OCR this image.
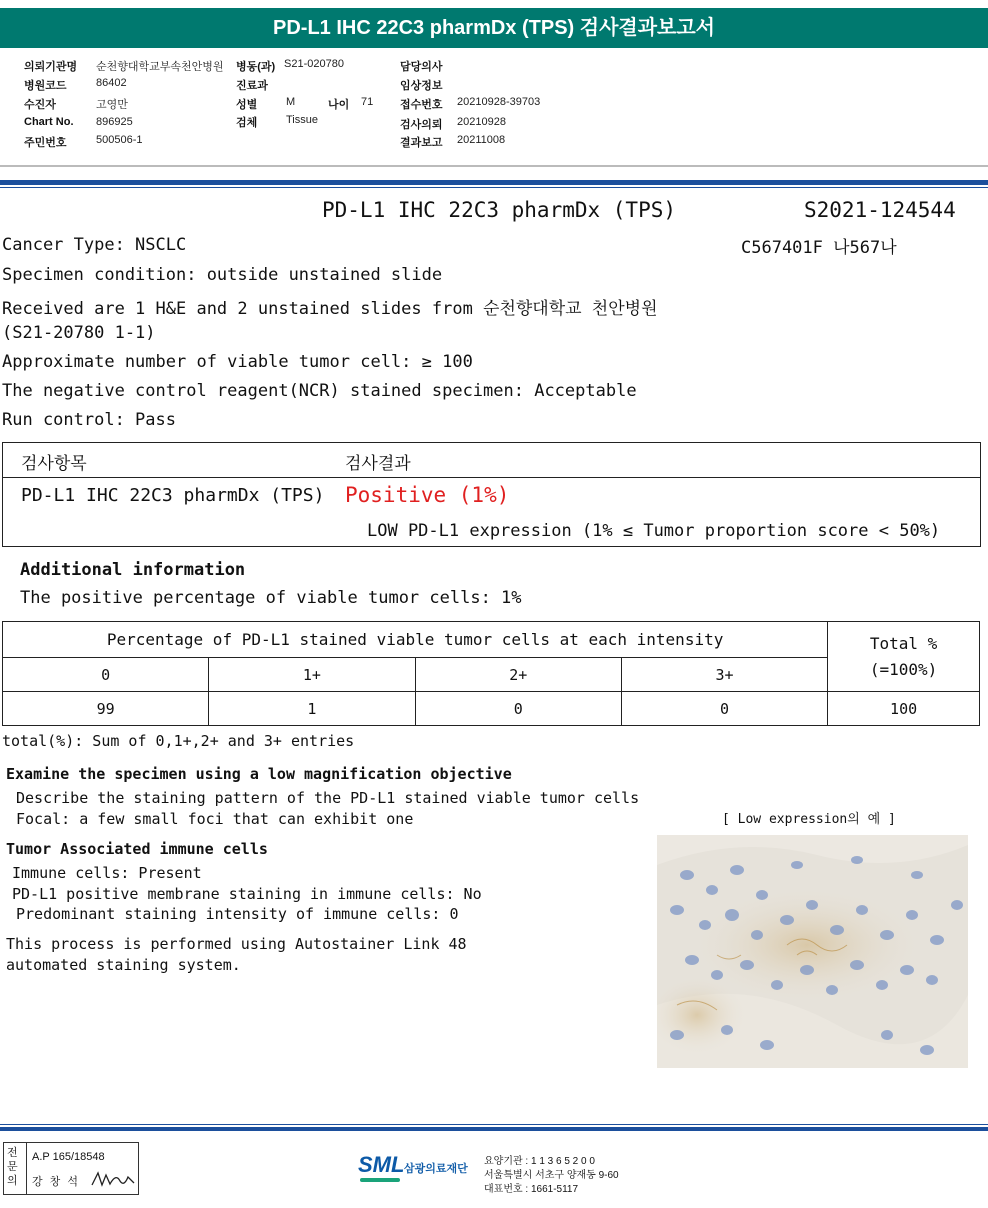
PD-L1 IHC 22C3 pharmDx (TPS) 검사결과보고서
의뢰기관명 순천향대학교부속천안병원 병동(과) S21-020780	담당의사
병원코드	86402	진료과	임상정보
수진자	고영만	성별	M	나이 71 접수번호 20210928-39703
Chart No. 896925	검체	Tissue	검사의뢰 20210928
주민번호	500506-1	결과보고 20211008
PD-L1 IHC 22C3 pharmDx (TPS)	S2021-124544
Cancer Type: NSCLC	C567401F 나567나
Specimen condition: outside unstained slide
Received are 1 H&E and 2 unstained slides from 순천향대학교 천안병원
(S21-20780 1-1)
Approximate number of viable tumor cell: ≥ 100
The negative control reagent(NCR) stained specimen: Acceptable
Run control: Pass
검사항목	검사결과
PD-L1 IHC 22C3 pharmDx (TPS) Positive (1%)
LOW PD-L1 expression (1% ≤ Tumor proportion score < 50%)
Additional information
The positive percentage of viable tumor cells: 1%
Percentage of PD-L1 stained viable tumor cells at each intensity				Total %
(=100%)

0	1+	2+	3+	
99	1	0	0	100
total(%): Sum of 0,1+,2+ and 3+ entries
Examine the specimen using a low magnification objective
Describe the staining pattern of the PD-L1 stained viable tumor cells
Focal: a few small foci that can exhibit one
Tumor Associated immune cells
Immune cells: Present
PD-L1 positive membrane staining in immune cells: No
Predominant staining intensity of immune cells: 0
This process is performed using Autostainer Link 48
automated staining system.
[ Low expression의 예 ]
전문의
A.P 165/18548
강 창 석
SML 삼광의료재단
요양기관 : 1 1 3 6 5 2 0 0
서울특별시 서초구 양재동 9-60
대표번호 : 1661-5117
